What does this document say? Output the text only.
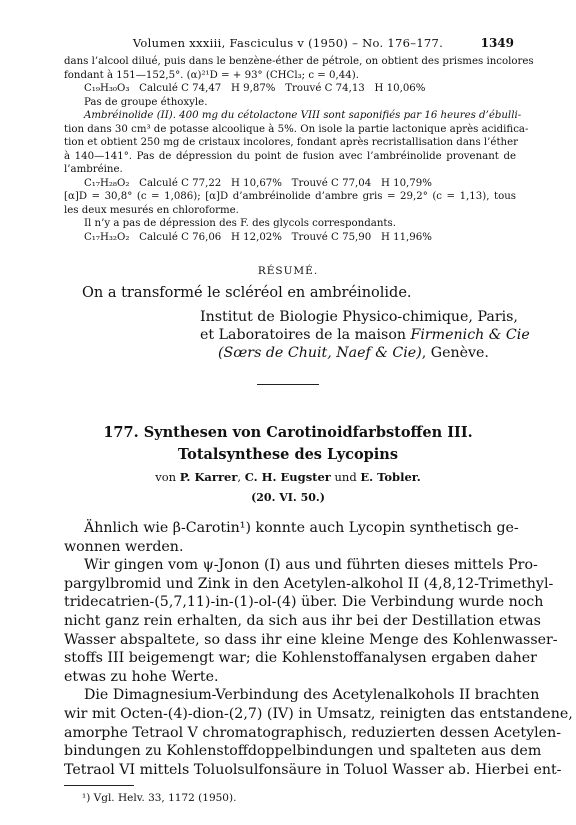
Volumen xxxiii, Fasciculus v (1950) – No. 176–177.	1349
dans l’alcool dilué, puis dans le benzène-éther de pétrole, on obtient des prismes incolores
fondant à 151—152,5°. (α)²¹D = + 93° (CHCl₃; c = 0,44).
C₁₉H₃₀O₃   Calculé C 74,47   H 9,87%   Trouvé C 74,13   H 10,06%
Pas de groupe éthoxyle.
Ambréinolide (II). 400 mg du cétolactone VIII sont saponifiés par 16 heures d’ébulli-
tion dans 30 cm³ de potasse alcoolique à 5%. On isole la partie lactonique après acidifica-
tion et obtient 250 mg de cristaux incolores, fondant après recristallisation dans l’éther
à 140—141°. Pas de dépression du point de fusion avec l’ambréinolide provenant de
l’ambréine.
C₁₇H₂₈O₂   Calculé C 77,22   H 10,67%   Trouvé C 77,04   H 10,79%
[α]D = 30,8° (c = 1,086); [α]D d’ambréinolide d’ambre gris = 29,2° (c = 1,13), tous
les deux mesurés en chloroforme.
Il n’y a pas de dépression des F. des glycols correspondants.
C₁₇H₃₂O₂   Calculé C 76,06   H 12,02%   Trouvé C 75,90   H 11,96%
RÉSUMÉ.
On a transformé le scléréol en ambréinolide.
Institut de Biologie Physico-chimique, Paris,
et Laboratoires de la maison Firmenich & Cie
(Sœrs de Chuit, Naef & Cie), Genève.
177. Synthesen von Carotinoidfarbstoffen III.
Totalsynthese des Lycopins
von P. Karrer, C. H. Eugster und E. Tobler.
(20. VI. 50.)
Ähnlich wie β-Carotin¹) konnte auch Lycopin synthetisch ge-
wonnen werden.
Wir gingen vom ψ-Jonon (I) aus und führten dieses mittels Pro-
pargylbromid und Zink in den Acetylen-alkohol II (4,8,12-Trimethyl-
tridecatrien-(5,7,11)-in-(1)-ol-(4) über. Die Verbindung wurde noch
nicht ganz rein erhalten, da sich aus ihr bei der Destillation etwas
Wasser abspaltete, so dass ihr eine kleine Menge des Kohlenwasser-
stoffs III beigemengt war; die Kohlenstoffanalysen ergaben daher
etwas zu hohe Werte.
Die Dimagnesium-Verbindung des Acetylenalkohols II brachten
wir mit Octen-(4)-dion-(2,7) (IV) in Umsatz, reinigten das entstandene,
amorphe Tetraol V chromatographisch, reduzierten dessen Acetylen-
bindungen zu Kohlenstoffdoppelbindungen und spalteten aus dem
Tetraol VI mittels Toluolsulfonsäure in Toluol Wasser ab. Hierbei ent-
¹) Vgl. Helv. 33, 1172 (1950).
